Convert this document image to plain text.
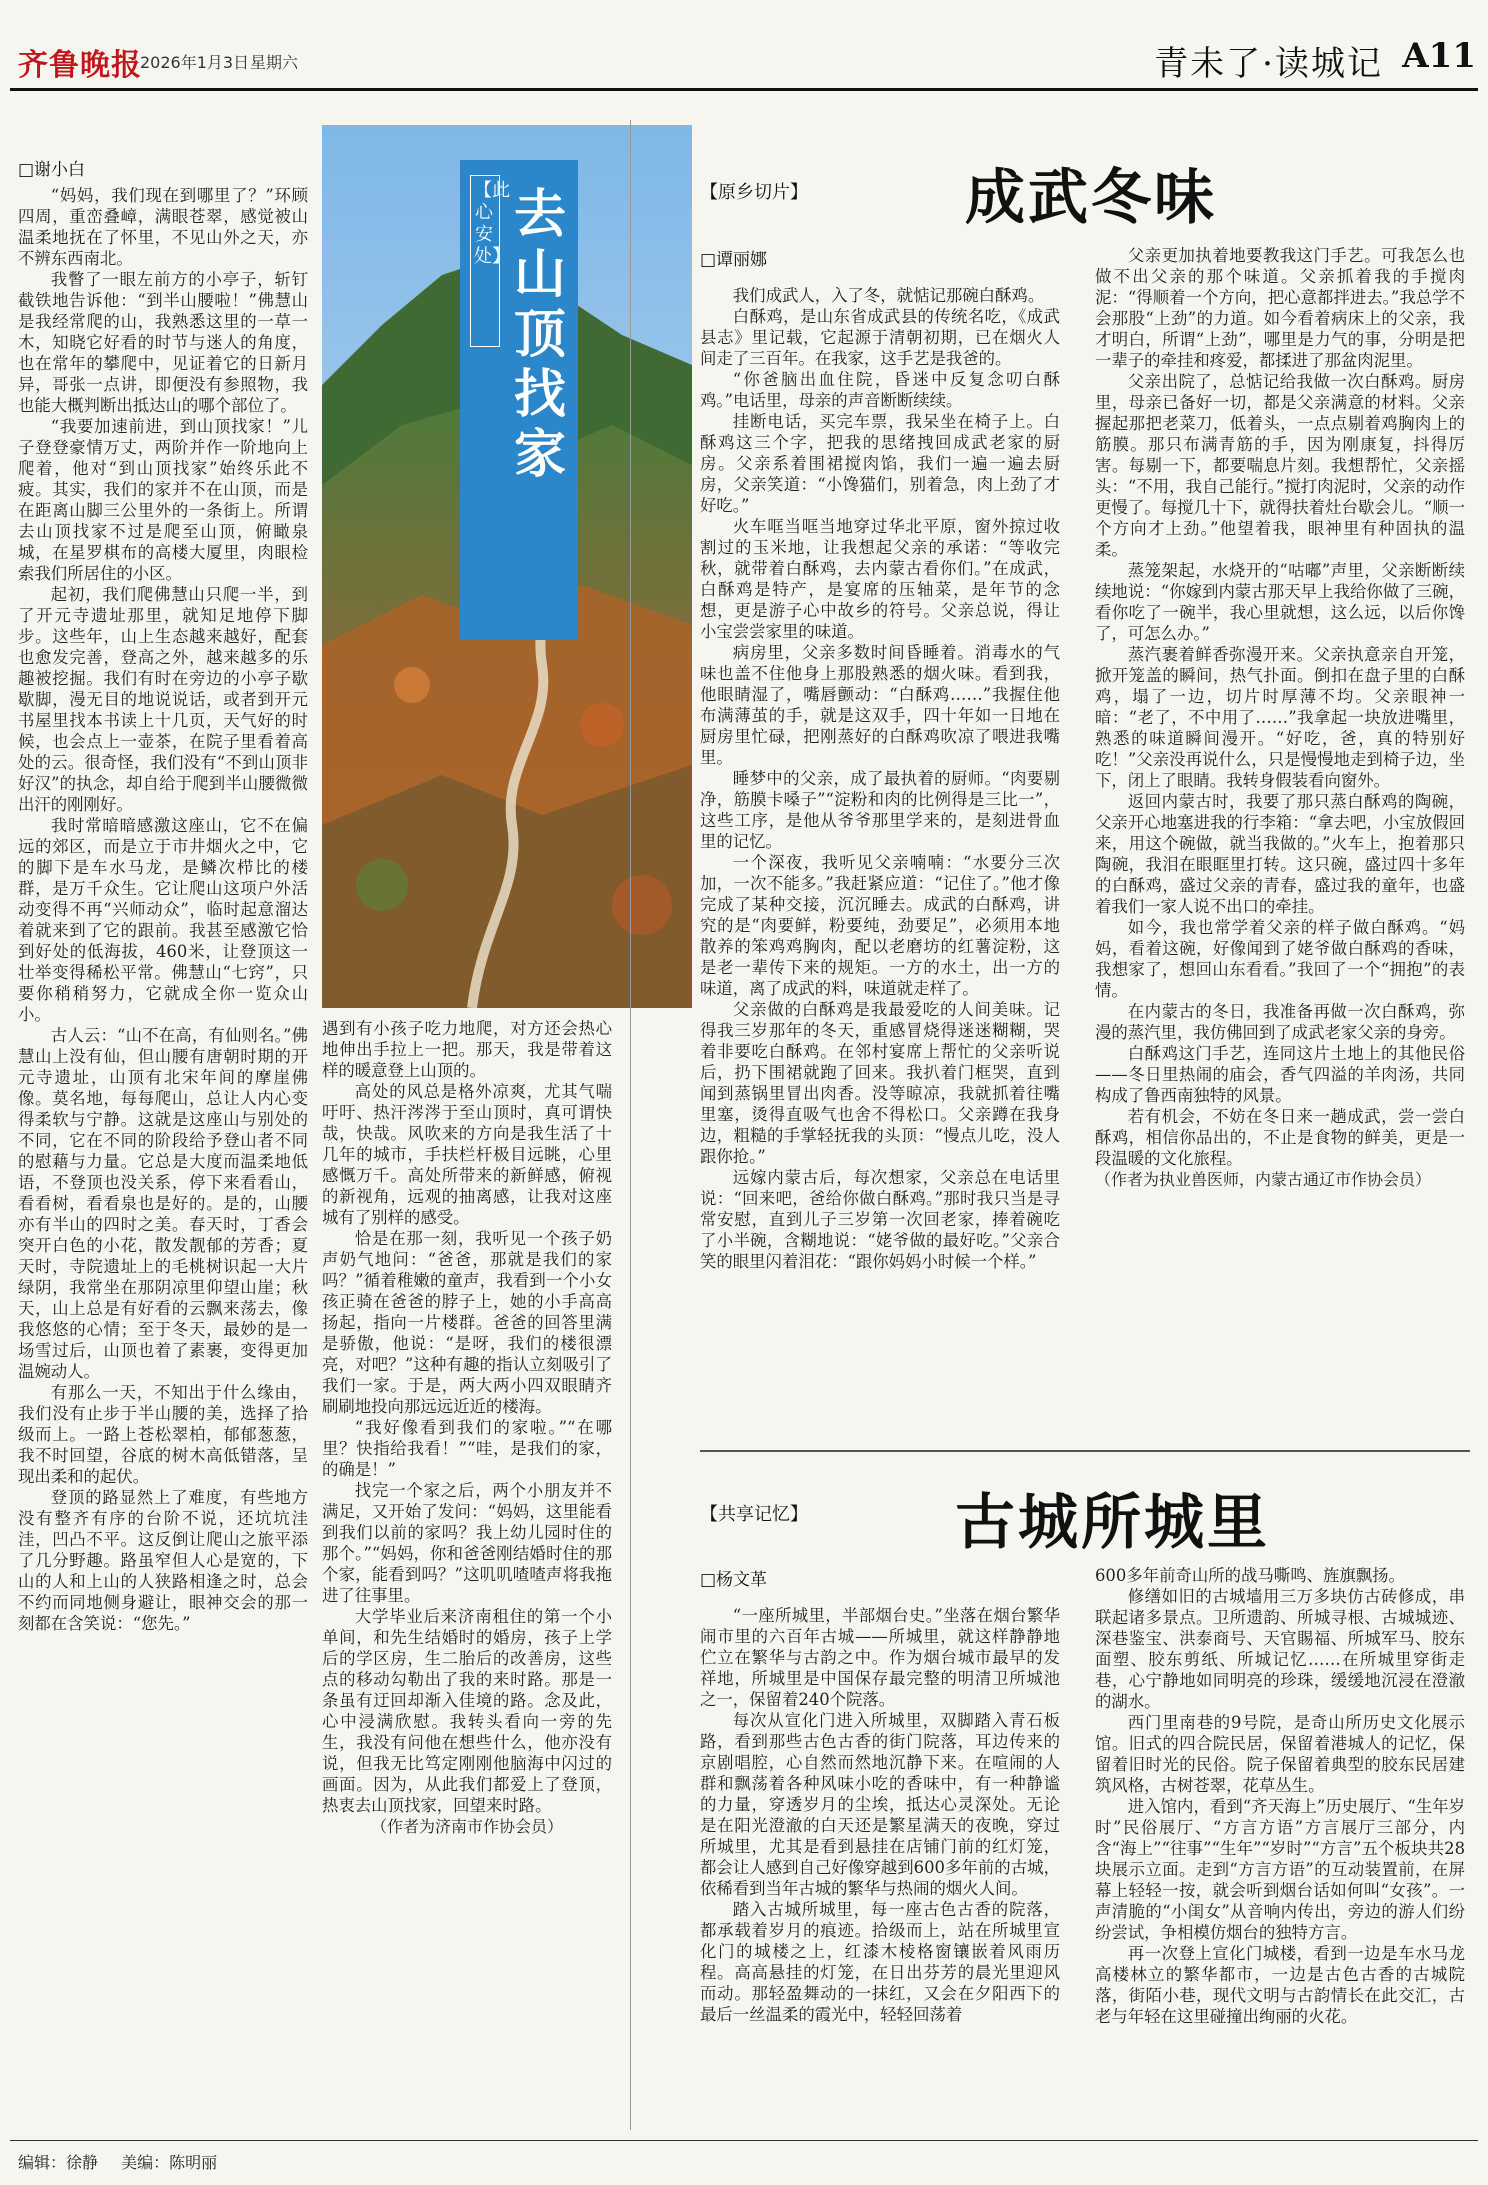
齐鲁晚报
2026年1月3日 星期六	青未了·读城记 A11
□谢小白

“妈妈，我们现在到哪里了？”环顾四周，重峦叠嶂，满眼苍翠，感觉被山温柔地抚在了怀里，不见山外之天，亦不辨东西南北。

我瞥了一眼左前方的小亭子，斩钉截铁地告诉他：“到半山腰啦！”佛慧山是我经常爬的山，我熟悉这里的一草一木，知晓它好看的时节与迷人的角度，也在常年的攀爬中，见证着它的日新月异，哥张一点讲，即便没有参照物，我也能大概判断出抵达山的哪个部位了。

“我要加速前进，到山顶找家！”儿子登登豪情万丈，两阶并作一阶地向上爬着，他对“到山顶找家”始终乐此不疲。其实，我们的家并不在山顶，而是在距离山脚三公里外的一条街上。所谓去山顶找家不过是爬至山顶，俯瞰泉城，在星罗棋布的高楼大厦里，肉眼检索我们所居住的小区。

起初，我们爬佛慧山只爬一半，到了开元寺遗址那里，就知足地停下脚步。这些年，山上生态越来越好，配套也愈发完善，登高之外，越来越多的乐趣被挖掘。我们有时在旁边的小亭子歇歇脚，漫无目的地说说话，或者到开元书屋里找本书读上十几页，天气好的时候，也会点上一壶茶，在院子里看着高处的云。很奇怪，我们没有“不到山顶非好汉”的执念，却自给于爬到半山腰微微出汗的刚刚好。

我时常暗暗感激这座山，它不在偏远的郊区，而是立于市井烟火之中，它的脚下是车水马龙，是鳞次栉比的楼群，是万千众生。它让爬山这项户外活动变得不再“兴师动众”，临时起意溜达着就来到了它的跟前。我甚至感激它恰到好处的低海拔，460米，让登顶这一壮举变得稀松平常。佛慧山“七窍”，只要你稍稍努力，它就成全你一览众山小。

古人云：“山不在高，有仙则名。”佛慧山上没有仙，但山腰有唐朝时期的开元寺遗址，山顶有北宋年间的摩崖佛像。莫名地，每每爬山，总让人内心变得柔软与宁静。这就是这座山与别处的不同，它在不同的阶段给予登山者不同的慰藉与力量。它总是大度而温柔地低语，不登顶也没关系，停下来看看山，看看树，看看泉也是好的。是的，山腰亦有半山的四时之美。春天时，丁香会突开白色的小花，散发靓郁的芳香；夏天时，寺院遗址上的毛桃树识起一大片绿阴，我常坐在那阴凉里仰望山崖；秋天，山上总是有好看的云飘来荡去，像我悠悠的心情；至于冬天，最妙的是一场雪过后，山顶也着了素裹，变得更加温婉动人。

有那么一天，不知出于什么缘由，我们没有止步于半山腰的美，选择了拾级而上。一路上苍松翠柏，郁郁葱葱，我不时回望，谷底的树木高低错落，呈现出柔和的起伏。

登顶的路显然上了难度，有些地方没有整齐有序的台阶不说，还坑坑洼洼，凹凸不平。这反倒让爬山之旅平添了几分野趣。路虽窄但人心是宽的，下山的人和上山的人狭路相逢之时，总会不约而同地侧身避让，眼神交会的那一刻都在含笑说：“您先。”

【此心安处】
去山顶找家

遇到有小孩子吃力地爬，对方还会热心地伸出手拉上一把。那天，我是带着这样的暖意登上山顶的。

高处的风总是格外凉爽，尤其气喘吁吁、热汗涔涔于至山顶时，真可谓快哉，快哉。风吹来的方向是我生活了十几年的城市，手扶栏杆极目远眺，心里感慨万千。高处所带来的新鲜感，俯视的新视角，远观的抽离感，让我对这座城有了别样的感受。

恰是在那一刻，我听见一个孩子奶声奶气地问：“爸爸，那就是我们的家吗？”循着稚嫩的童声，我看到一个小女孩正骑在爸爸的脖子上，她的小手高高扬起，指向一片楼群。爸爸的回答里满是骄傲，他说：“是呀，我们的楼很漂亮，对吧？”这种有趣的指认立刻吸引了我们一家。于是，两大两小四双眼睛齐刷刷地投向那远远近近的楼海。

“我好像看到我们的家啦。”“在哪里？快指给我看！”“哇，是我们的家，的确是！”

找完一个家之后，两个小朋友并不满足，又开始了发问：“妈妈，这里能看到我们以前的家吗？我上幼儿园时住的那个。”“妈妈，你和爸爸刚结婚时住的那个家，能看到吗？”这叽叽喳喳声将我拖进了往事里。

大学毕业后来济南租住的第一个小单间，和先生结婚时的婚房，孩子上学后的学区房，生二胎后的改善房，这些点的移动勾勒出了我的来时路。那是一条虽有迂回却渐入佳境的路。念及此，心中浸满欣慰。我转头看向一旁的先生，我没有问他在想些什么，他亦没有说，但我无比笃定刚刚他脑海中闪过的画面。因为，从此我们都爱上了登顶，热衷去山顶找家，回望来时路。

（作者为济南市作协会员）

【原乡切片】	成武冬味
□谭丽娜

我们成武人，入了冬，就惦记那碗白酥鸡。

白酥鸡，是山东省成武县的传统名吃，《成武县志》里记载，它起源于清朝初期，已在烟火人间走了三百年。在我家，这手艺是我爸的。

“你爸脑出血住院，昏迷中反复念叨白酥鸡。”电话里，母亲的声音断断续续。

挂断电话，买完车票，我呆坐在椅子上。白酥鸡这三个字，把我的思绪拽回成武老家的厨房。父亲系着围裙搅肉馅，我们一遍一遍去厨房，父亲笑道：“小馋猫们，别着急，肉上劲了才好吃。”

火车哐当哐当地穿过华北平原，窗外掠过收割过的玉米地，让我想起父亲的承诺：“等收完秋，就带着白酥鸡，去内蒙古看你们。”在成武，白酥鸡是特产，是宴席的压轴菜，是年节的念想，更是游子心中故乡的符号。父亲总说，得让小宝尝尝家里的味道。

病房里，父亲多数时间昏睡着。消毒水的气味也盖不住他身上那股熟悉的烟火味。看到我，他眼睛湿了，嘴唇颤动：“白酥鸡……”我握住他布满薄茧的手，就是这双手，四十年如一日地在厨房里忙碌，把刚蒸好的白酥鸡吹凉了喂进我嘴里。

睡梦中的父亲，成了最执着的厨师。“肉要剔净，筋膜卡嗓子”“淀粉和肉的比例得是三比一”，这些工序，是他从爷爷那里学来的，是刻进骨血里的记忆。

一个深夜，我听见父亲喃喃：“水要分三次加，一次不能多。”我赶紧应道：“记住了。”他才像完成了某种交接，沉沉睡去。成武的白酥鸡，讲究的是“肉要鲜，粉要纯，劲要足”，必须用本地散养的笨鸡鸡胸肉，配以老磨坊的红薯淀粉，这是老一辈传下来的规矩。一方的水土，出一方的味道，离了成武的料，味道就走样了。

父亲做的白酥鸡是我最爱吃的人间美味。记得我三岁那年的冬天，重感冒烧得迷迷糊糊，哭着非要吃白酥鸡。在邻村宴席上帮忙的父亲听说后，扔下围裙就跑了回来。我扒着门框哭，直到闻到蒸锅里冒出肉香。没等晾凉，我就抓着往嘴里塞，烫得直吸气也舍不得松口。父亲蹲在我身边，粗糙的手掌轻抚我的头顶：“慢点儿吃，没人跟你抢。”

远嫁内蒙古后，每次想家，父亲总在电话里说：“回来吧，爸给你做白酥鸡。”那时我只当是寻常安慰，直到儿子三岁第一次回老家，捧着碗吃了小半碗，含糊地说：“姥爷做的最好吃。”父亲合笑的眼里闪着泪花：“跟你妈妈小时候一个样。”

父亲更加执着地要教我这门手艺。可我怎么也做不出父亲的那个味道。父亲抓着我的手搅肉泥：“得顺着一个方向，把心意都拌进去。”我总学不会那股“上劲”的力道。如今看着病床上的父亲，我才明白，所谓“上劲”，哪里是力气的事，分明是把一辈子的牵挂和疼爱，都揉进了那盆肉泥里。

父亲出院了，总惦记给我做一次白酥鸡。厨房里，母亲已备好一切，都是父亲满意的材料。父亲握起那把老菜刀，低着头，一点点剔着鸡胸肉上的筋膜。那只布满青筋的手，因为刚康复，抖得厉害。每剔一下，都要喘息片刻。我想帮忙，父亲摇头：“不用，我自己能行。”搅打肉泥时，父亲的动作更慢了。每搅几十下，就得扶着灶台歇会儿。“顺一个方向才上劲。”他望着我，眼神里有种固执的温柔。

蒸笼架起，水烧开的“咕嘟”声里，父亲断断续续地说：“你嫁到内蒙古那天早上我给你做了三碗，看你吃了一碗半，我心里就想，这么远，以后你馋了，可怎么办。”

蒸汽裹着鲜香弥漫开来。父亲执意亲自开笼，掀开笼盖的瞬间，热气扑面。倒扣在盘子里的白酥鸡，塌了一边，切片时厚薄不均。父亲眼神一暗：“老了，不中用了……”我拿起一块放进嘴里，熟悉的味道瞬间漫开。“好吃，爸，真的特别好吃！”父亲没再说什么，只是慢慢地走到椅子边，坐下，闭上了眼睛。我转身假装看向窗外。

返回内蒙古时，我要了那只蒸白酥鸡的陶碗，父亲开心地塞进我的行李箱：“拿去吧，小宝放假回来，用这个碗做，就当我做的。”火车上，抱着那只陶碗，我泪在眼眶里打转。这只碗，盛过四十多年的白酥鸡，盛过父亲的青春，盛过我的童年，也盛着我们一家人说不出口的牵挂。

如今，我也常学着父亲的样子做白酥鸡。“妈妈，看着这碗，好像闻到了姥爷做白酥鸡的香味，我想家了，想回山东看看。”我回了一个“拥抱”的表情。

在内蒙古的冬日，我准备再做一次白酥鸡，弥漫的蒸汽里，我仿佛回到了成武老家父亲的身旁。

白酥鸡这门手艺，连同这片土地上的其他民俗——冬日里热闹的庙会，香气四溢的羊肉汤，共同构成了鲁西南独特的风景。

若有机会，不妨在冬日来一趟成武，尝一尝白酥鸡，相信你品出的，不止是食物的鲜美，更是一段温暖的文化旅程。

（作者为执业兽医师，内蒙古通辽市作协会员）

【共享记忆】 古城所城里
□杨文革

“一座所城里，半部烟台史。”坐落在烟台繁华闹市里的六百年古城——所城里，就这样静静地伫立在繁华与古韵之中。作为烟台城市最早的发祥地，所城里是中国保存最完整的明清卫所城池之一，保留着240个院落。

每次从宣化门进入所城里，双脚踏入青石板路，看到那些古色古香的街门院落，耳边传来的京剧唱腔，心自然而然地沉静下来。在喧闹的人群和飘荡着各种风味小吃的香味中，有一种静谧的力量，穿透岁月的尘埃，抵达心灵深处。无论是在阳光澄澈的白天还是繁星满天的夜晚，穿过所城里，尤其是看到悬挂在店铺门前的红灯笼，都会让人感到自己好像穿越到600多年前的古城，依稀看到当年古城的繁华与热闹的烟火人间。

踏入古城所城里，每一座古色古香的院落，都承载着岁月的痕迹。拾级而上，站在所城里宣化门的城楼之上，红漆木棱格窗镶嵌着风雨历程。高高悬挂的灯笼，在日出芬芳的晨光里迎风而动。那轻盈舞动的一抹红，又会在夕阳西下的最后一丝温柔的霞光中，轻轻回荡着

600多年前奇山所的战马嘶鸣、旌旗飘扬。

修缮如旧的古城墙用三万多块仿古砖修成，串联起诸多景点。卫所遗韵、所城寻根、古城城迹、深巷鉴宝、洪泰商号、天官賜福、所城军马、胶东面塑、胶东剪纸、所城记忆……在所城里穿街走巷，心宁静地如同明亮的珍珠，缓缓地沉浸在澄澈的湖水。

西门里南巷的9号院，是奇山所历史文化展示馆。旧式的四合院民居，保留着港城人的记忆，保留着旧时光的民俗。院子保留着典型的胶东民居建筑风格，古树苍翠，花草丛生。

进入馆内，看到“齐天海上”历史展厅、“生年岁时”民俗展厅、“方言方语”方言展厅三部分，内含“海上”“往事”“生年”“岁时”“方言”五个板块共28块展示立面。走到“方言方语”的互动装置前，在屏幕上轻轻一按，就会听到烟台话如何叫“女孩”。一声清脆的“小闺女”从音响内传出，旁边的游人们纷纷尝试，争相模仿烟台的独特方言。

再一次登上宣化门城楼，看到一边是车水马龙高楼林立的繁华都市，一边是古色古香的古城院落，街陌小巷，现代文明与古韵情长在此交汇，古老与年轻在这里碰撞出绚丽的火花。

编辑：徐静 美编：陈明丽
